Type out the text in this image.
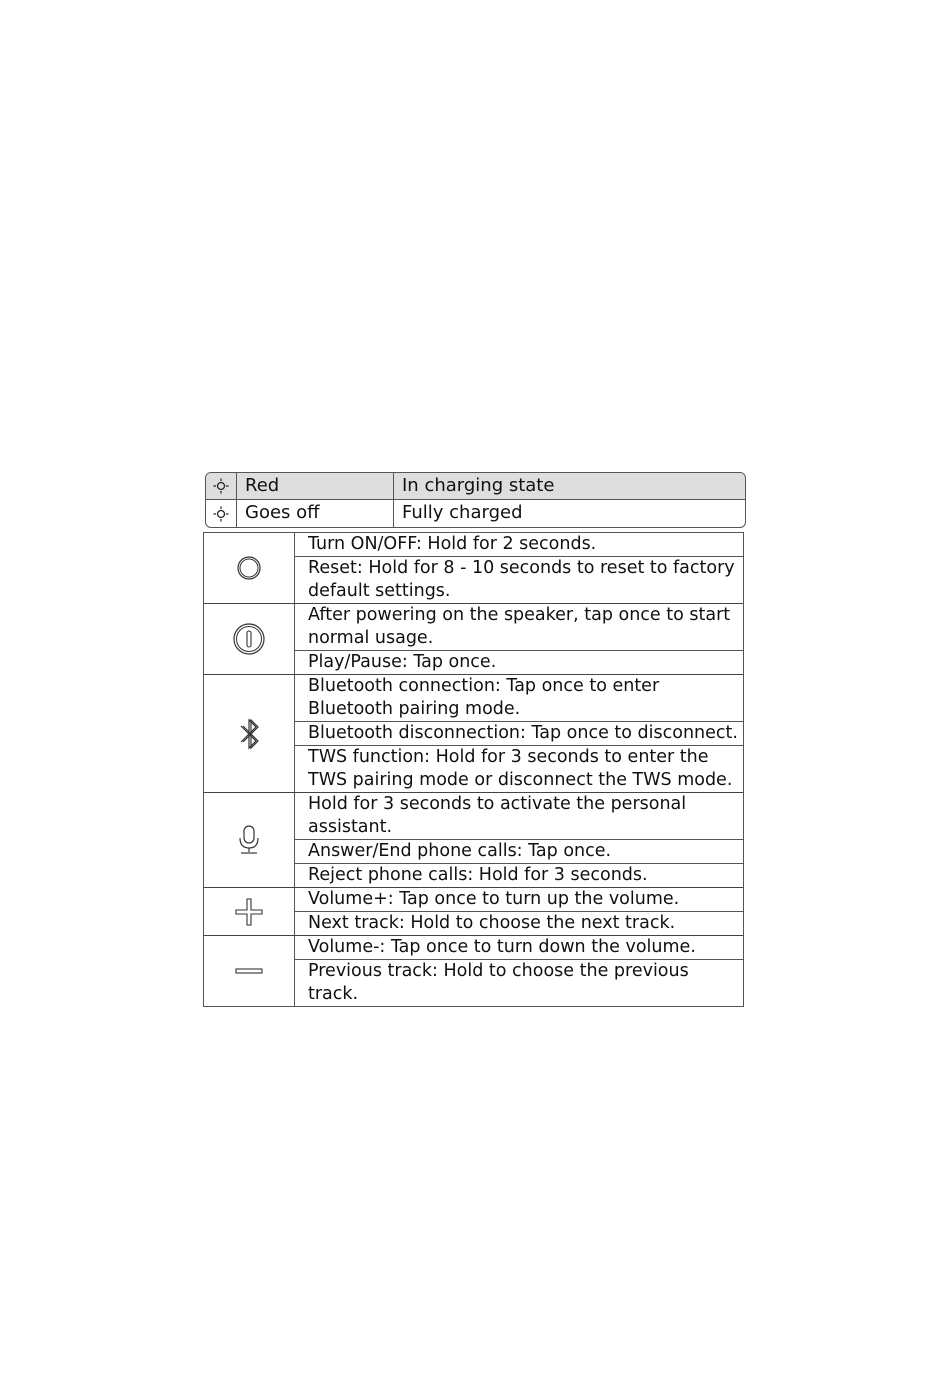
Red	In charging state
Goes off	Fully charged
Turn ON/OFF: Hold for 2 seconds.
Reset: Hold for 8 - 10 seconds to reset to factory default settings.
After powering on the speaker, tap once to start normal usage.
Play/Pause: Tap once.
Bluetooth connection: Tap once to enter Bluetooth pairing mode.
Bluetooth disconnection: Tap once to disconnect.
TWS function: Hold for 3 seconds to enter the TWS pairing mode or disconnect the TWS mode.
Hold for 3 seconds to activate the personal assistant.
Answer/End phone calls: Tap once.
Reject phone calls: Hold for 3 seconds.
Volume+: Tap once to turn up the volume.
Next track: Hold to choose the next track.
Volume-: Tap once to turn down the volume.
Previous track: Hold to choose the previous track.
